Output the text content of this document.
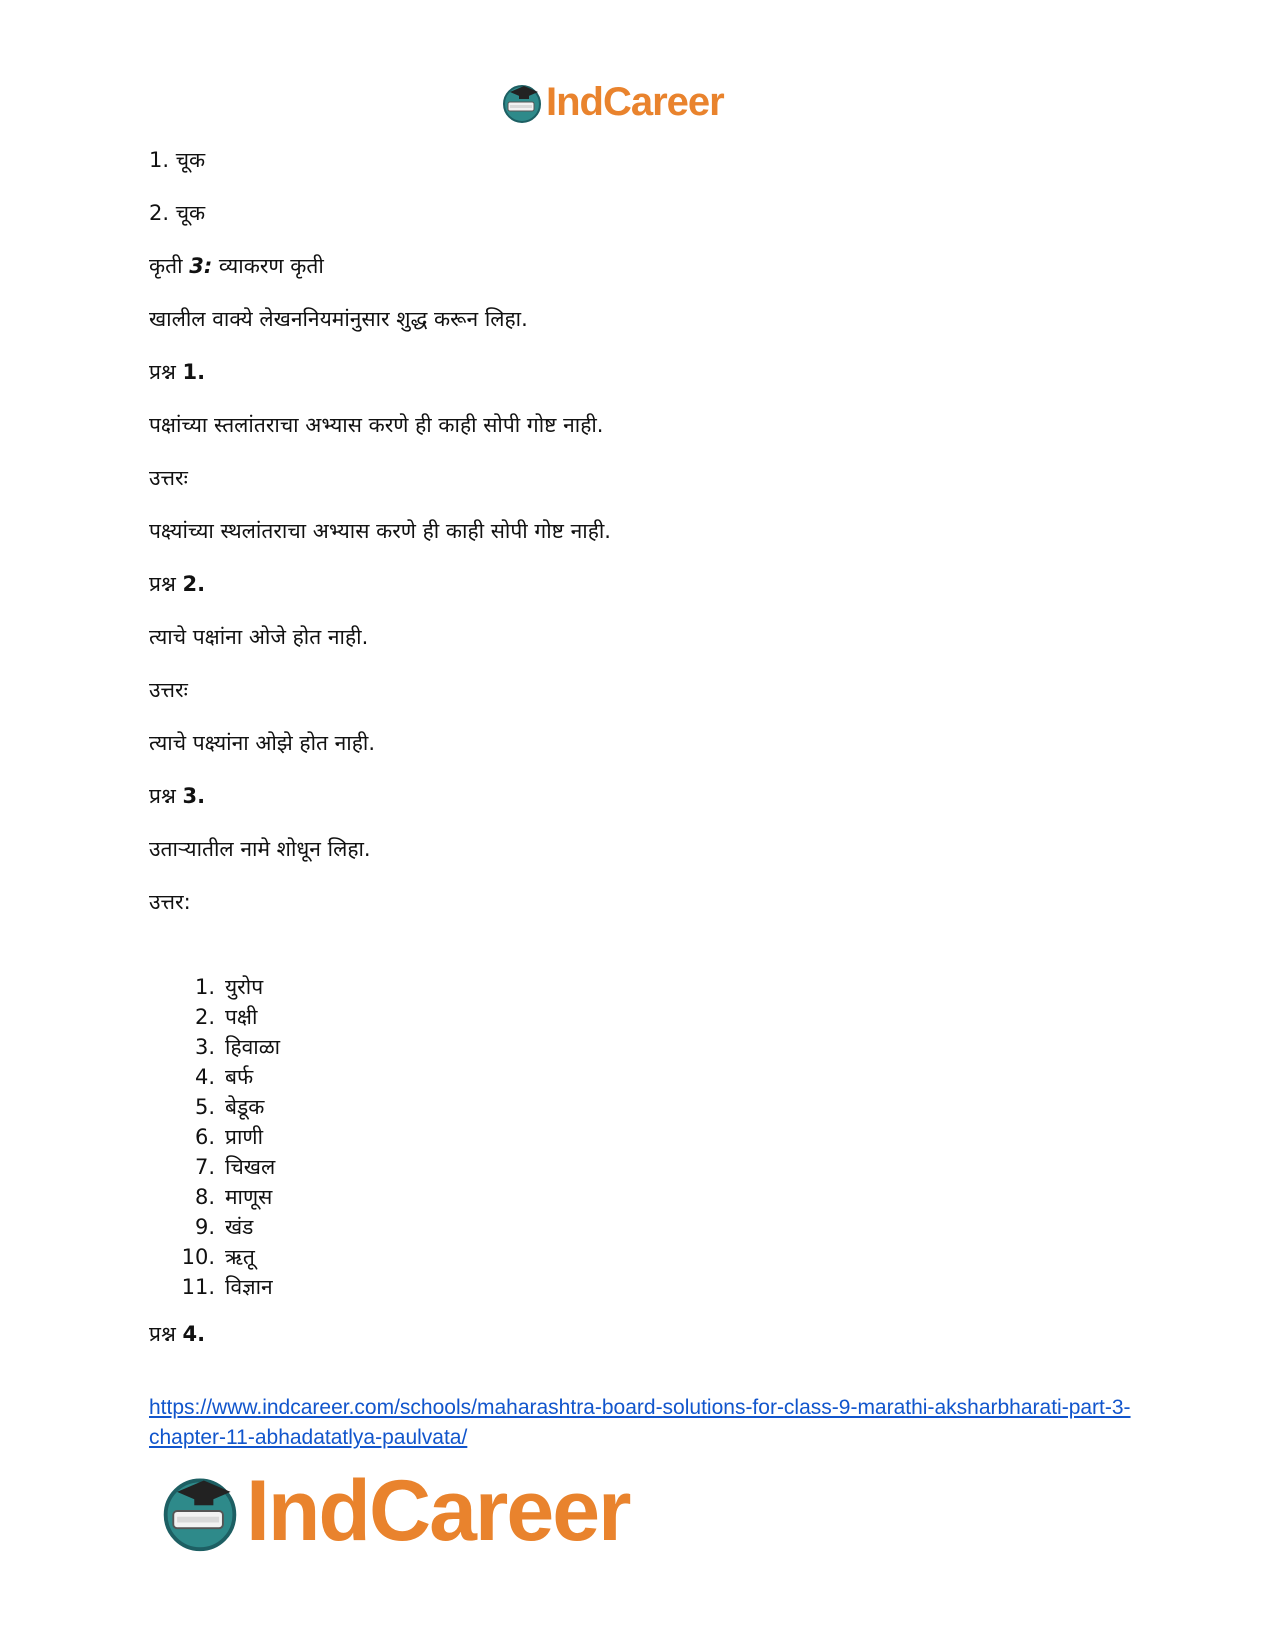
IndCareer
1. चूक
2. चूक
कृती 3: व्याकरण कृती
खालील वाक्ये लेखननियमांनुसार शुद्ध करून लिहा.
प्रश्न 1.
पक्षांच्या स्तलांतराचा अभ्यास करणे ही काही सोपी गोष्ट नाही.
उत्तरः
पक्ष्यांच्या स्थलांतराचा अभ्यास करणे ही काही सोपी गोष्ट नाही.
प्रश्न 2.
त्याचे पक्षांना ओजे होत नाही.
उत्तरः
त्याचे पक्ष्यांना ओझे होत नाही.
प्रश्न 3.
उताऱ्यातील नामे शोधून लिहा.
उत्तर:
1. युरोप
2. पक्षी
3. हिवाळा
4. बर्फ
5. बेडूक
6. प्राणी
7. चिखल
8. माणूस
9. खंड
10. ऋतू
11. विज्ञान
प्रश्न 4.
https://www.indcareer.com/schools/maharashtra-board-solutions-for-class-9-marathi-aksharbharati-part-3-chapter-11-abhadatatlya-paulvata/
IndCareer
